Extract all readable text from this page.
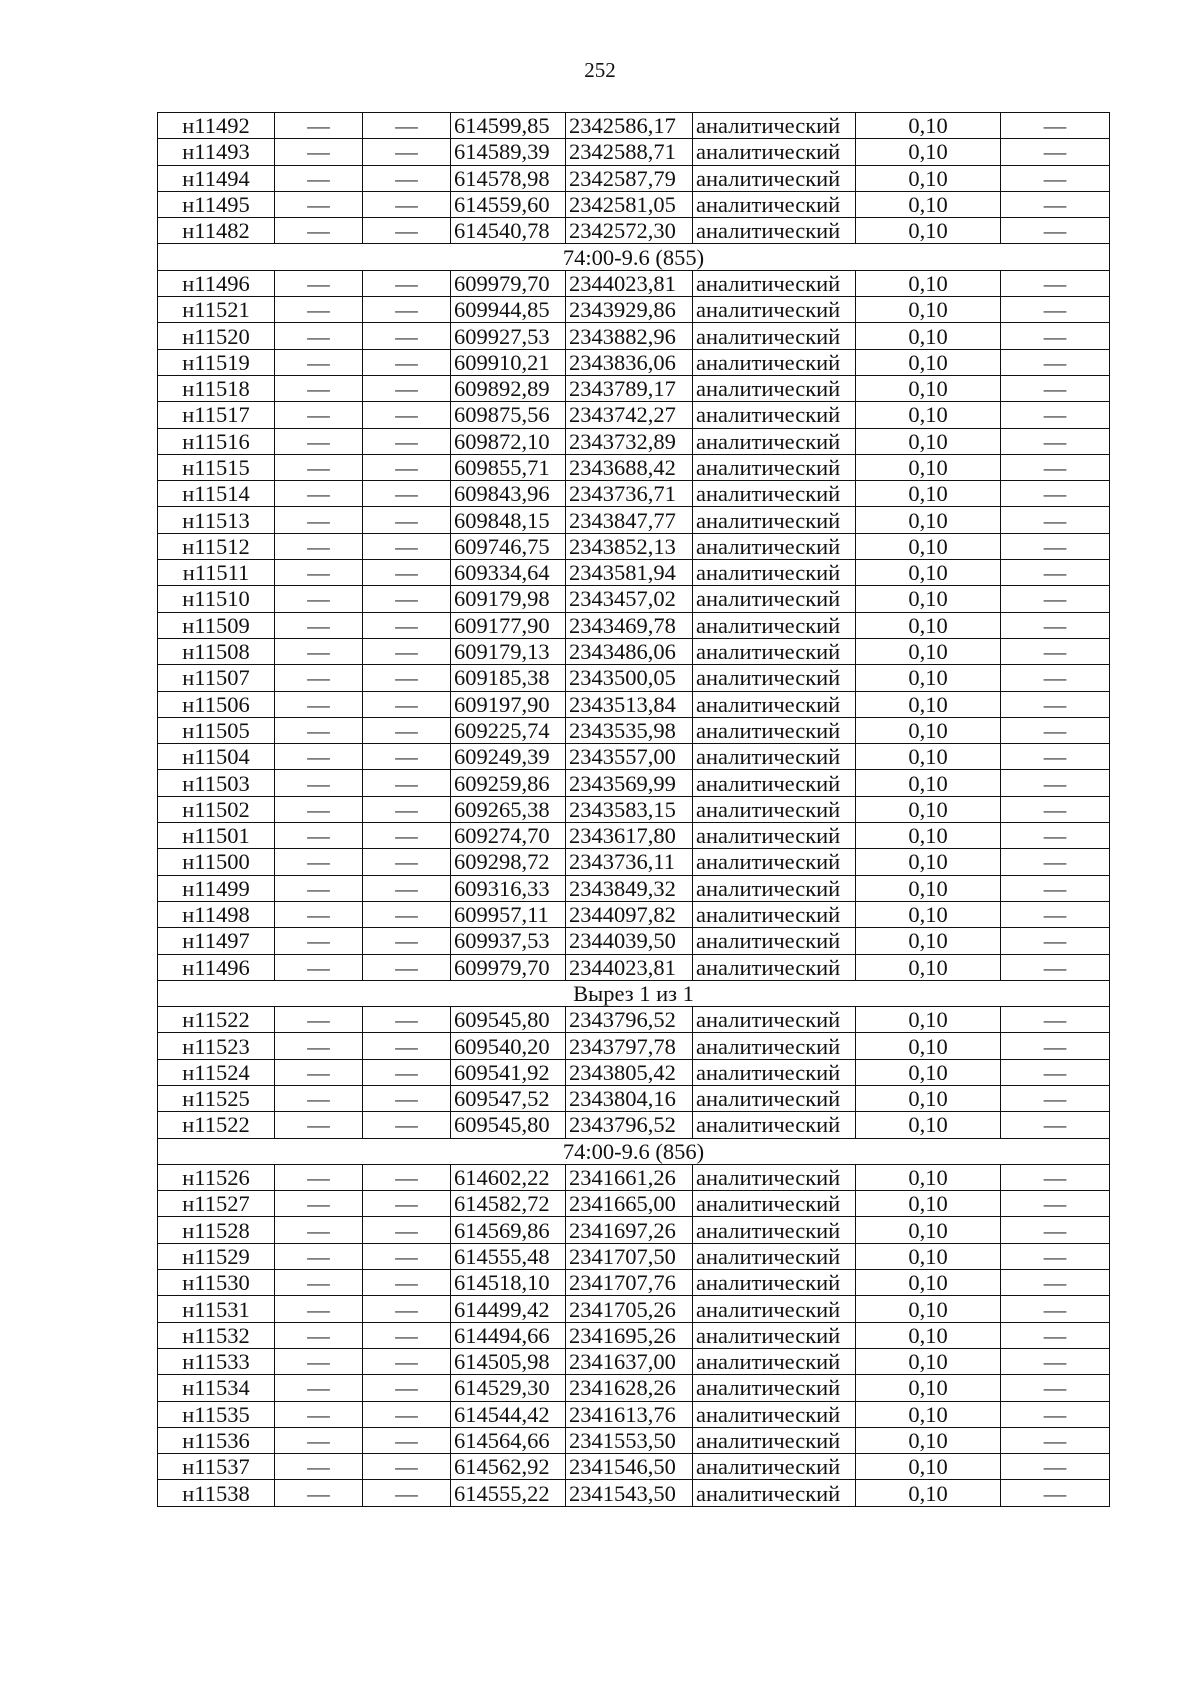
252
н11492	—	—	614599,85	2342586,17	аналитический	0,10	—
н11493	—	—	614589,39	2342588,71	аналитический	0,10	—
н11494	—	—	614578,98	2342587,79	аналитический	0,10	—
н11495	—	—	614559,60	2342581,05	аналитический	0,10	—
н11482	—	—	614540,78	2342572,30	аналитический	0,10	—
74:00-9.6 (855)							
н11496	—	—	609979,70	2344023,81	аналитический	0,10	—
н11521	—	—	609944,85	2343929,86	аналитический	0,10	—
н11520	—	—	609927,53	2343882,96	аналитический	0,10	—
н11519	—	—	609910,21	2343836,06	аналитический	0,10	—
н11518	—	—	609892,89	2343789,17	аналитический	0,10	—
н11517	—	—	609875,56	2343742,27	аналитический	0,10	—
н11516	—	—	609872,10	2343732,89	аналитический	0,10	—
н11515	—	—	609855,71	2343688,42	аналитический	0,10	—
н11514	—	—	609843,96	2343736,71	аналитический	0,10	—
н11513	—	—	609848,15	2343847,77	аналитический	0,10	—
н11512	—	—	609746,75	2343852,13	аналитический	0,10	—
н11511	—	—	609334,64	2343581,94	аналитический	0,10	—
н11510	—	—	609179,98	2343457,02	аналитический	0,10	—
н11509	—	—	609177,90	2343469,78	аналитический	0,10	—
н11508	—	—	609179,13	2343486,06	аналитический	0,10	—
н11507	—	—	609185,38	2343500,05	аналитический	0,10	—
н11506	—	—	609197,90	2343513,84	аналитический	0,10	—
н11505	—	—	609225,74	2343535,98	аналитический	0,10	—
н11504	—	—	609249,39	2343557,00	аналитический	0,10	—
н11503	—	—	609259,86	2343569,99	аналитический	0,10	—
н11502	—	—	609265,38	2343583,15	аналитический	0,10	—
н11501	—	—	609274,70	2343617,80	аналитический	0,10	—
н11500	—	—	609298,72	2343736,11	аналитический	0,10	—
н11499	—	—	609316,33	2343849,32	аналитический	0,10	—
н11498	—	—	609957,11	2344097,82	аналитический	0,10	—
н11497	—	—	609937,53	2344039,50	аналитический	0,10	—
н11496	—	—	609979,70	2344023,81	аналитический	0,10	—
Вырез 1 из 1							
н11522	—	—	609545,80	2343796,52	аналитический	0,10	—
н11523	—	—	609540,20	2343797,78	аналитический	0,10	—
н11524	—	—	609541,92	2343805,42	аналитический	0,10	—
н11525	—	—	609547,52	2343804,16	аналитический	0,10	—
н11522	—	—	609545,80	2343796,52	аналитический	0,10	—
74:00-9.6 (856)							
н11526	—	—	614602,22	2341661,26	аналитический	0,10	—
н11527	—	—	614582,72	2341665,00	аналитический	0,10	—
н11528	—	—	614569,86	2341697,26	аналитический	0,10	—
н11529	—	—	614555,48	2341707,50	аналитический	0,10	—
н11530	—	—	614518,10	2341707,76	аналитический	0,10	—
н11531	—	—	614499,42	2341705,26	аналитический	0,10	—
н11532	—	—	614494,66	2341695,26	аналитический	0,10	—
н11533	—	—	614505,98	2341637,00	аналитический	0,10	—
н11534	—	—	614529,30	2341628,26	аналитический	0,10	—
н11535	—	—	614544,42	2341613,76	аналитический	0,10	—
н11536	—	—	614564,66	2341553,50	аналитический	0,10	—
н11537	—	—	614562,92	2341546,50	аналитический	0,10	—
н11538	—	—	614555,22	2341543,50	аналитический	0,10	—
